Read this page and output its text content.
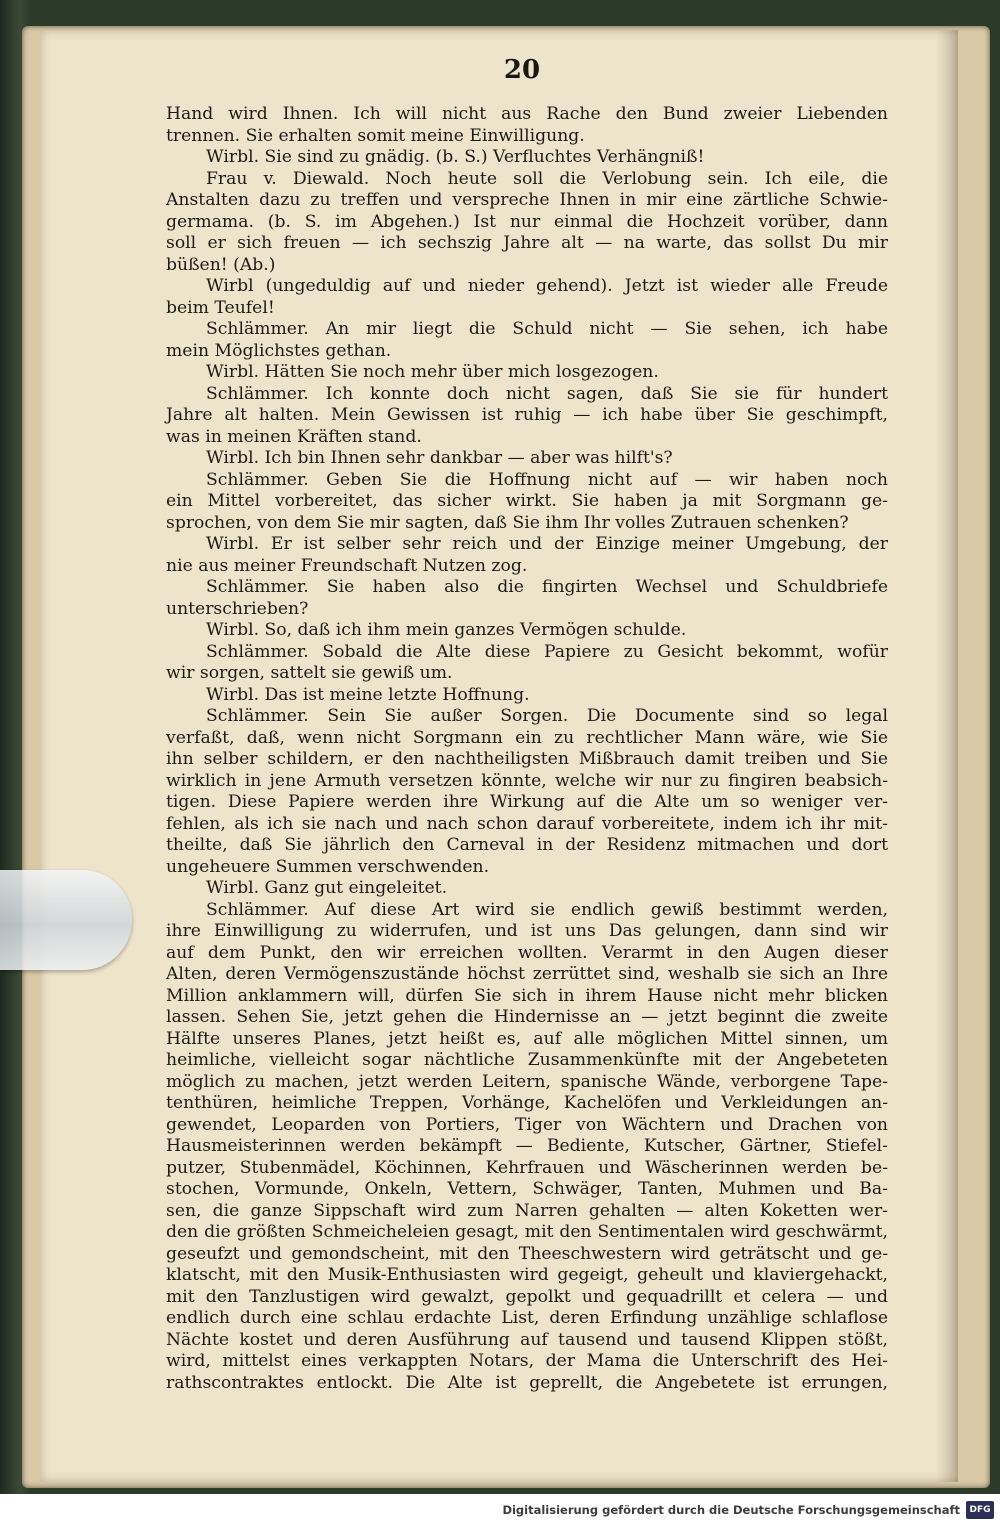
20
Hand wird Ihnen. Ich will nicht aus Rache den Bund zweier Liebenden
trennen. Sie erhalten somit meine Einwilligung.
Wirbl. Sie sind zu gnädig. (b. S.) Verfluchtes Verhängniß!
Frau v. Diewald. Noch heute soll die Verlobung sein. Ich eile, die
Anstalten dazu zu treffen und verspreche Ihnen in mir eine zärtliche Schwie-
germama. (b. S. im Abgehen.) Ist nur einmal die Hochzeit vorüber, dann
soll er sich freuen — ich sechszig Jahre alt — na warte, das sollst Du mir
büßen! (Ab.)
Wirbl (ungeduldig auf und nieder gehend). Jetzt ist wieder alle Freude
beim Teufel!
Schlämmer. An mir liegt die Schuld nicht — Sie sehen, ich habe
mein Möglichstes gethan.
Wirbl. Hätten Sie noch mehr über mich losgezogen.
Schlämmer. Ich konnte doch nicht sagen, daß Sie sie für hundert
Jahre alt halten. Mein Gewissen ist ruhig — ich habe über Sie geschimpft,
was in meinen Kräften stand.
Wirbl. Ich bin Ihnen sehr dankbar — aber was hilft's?
Schlämmer. Geben Sie die Hoffnung nicht auf — wir haben noch
ein Mittel vorbereitet, das sicher wirkt. Sie haben ja mit Sorgmann ge-
sprochen, von dem Sie mir sagten, daß Sie ihm Ihr volles Zutrauen schenken?
Wirbl. Er ist selber sehr reich und der Einzige meiner Umgebung, der
nie aus meiner Freundschaft Nutzen zog.
Schlämmer. Sie haben also die fingirten Wechsel und Schuldbriefe
unterschrieben?
Wirbl. So, daß ich ihm mein ganzes Vermögen schulde.
Schlämmer. Sobald die Alte diese Papiere zu Gesicht bekommt, wofür
wir sorgen, sattelt sie gewiß um.
Wirbl. Das ist meine letzte Hoffnung.
Schlämmer. Sein Sie außer Sorgen. Die Documente sind so legal
verfaßt, daß, wenn nicht Sorgmann ein zu rechtlicher Mann wäre, wie Sie
ihn selber schildern, er den nachtheiligsten Mißbrauch damit treiben und Sie
wirklich in jene Armuth versetzen könnte, welche wir nur zu fingiren beabsich-
tigen. Diese Papiere werden ihre Wirkung auf die Alte um so weniger ver-
fehlen, als ich sie nach und nach schon darauf vorbereitete, indem ich ihr mit-
theilte, daß Sie jährlich den Carneval in der Residenz mitmachen und dort
ungeheuere Summen verschwenden.
Wirbl. Ganz gut eingeleitet.
Schlämmer. Auf diese Art wird sie endlich gewiß bestimmt werden,
ihre Einwilligung zu widerrufen, und ist uns Das gelungen, dann sind wir
auf dem Punkt, den wir erreichen wollten. Verarmt in den Augen dieser
Alten, deren Vermögenszustände höchst zerrüttet sind, weshalb sie sich an Ihre
Million anklammern will, dürfen Sie sich in ihrem Hause nicht mehr blicken
lassen. Sehen Sie, jetzt gehen die Hindernisse an — jetzt beginnt die zweite
Hälfte unseres Planes, jetzt heißt es, auf alle möglichen Mittel sinnen, um
heimliche, vielleicht sogar nächtliche Zusammenkünfte mit der Angebeteten
möglich zu machen, jetzt werden Leitern, spanische Wände, verborgene Tape-
tenthüren, heimliche Treppen, Vorhänge, Kachelöfen und Verkleidungen an-
gewendet, Leoparden von Portiers, Tiger von Wächtern und Drachen von
Hausmeisterinnen werden bekämpft — Bediente, Kutscher, Gärtner, Stiefel-
putzer, Stubenmädel, Köchinnen, Kehrfrauen und Wäscherinnen werden be-
stochen, Vormunde, Onkeln, Vettern, Schwäger, Tanten, Muhmen und Ba-
sen, die ganze Sippschaft wird zum Narren gehalten — alten Koketten wer-
den die größten Schmeicheleien gesagt, mit den Sentimentalen wird geschwärmt,
geseufzt und gemondscheint, mit den Theeschwestern wird geträtscht und ge-
klatscht, mit den Musik-Enthusiasten wird gegeigt, geheult und klaviergehackt,
mit den Tanzlustigen wird gewalzt, gepolkt und gequadrillt et celera — und
endlich durch eine schlau erdachte List, deren Erfindung unzählige schlaflose
Nächte kostet und deren Ausführung auf tausend und tausend Klippen stößt,
wird, mittelst eines verkappten Notars, der Mama die Unterschrift des Hei-
rathscontraktes entlockt. Die Alte ist geprellt, die Angebetete ist errungen,
Digitalisierung gefördert durch die Deutsche Forschungsgemeinschaft	DFG
